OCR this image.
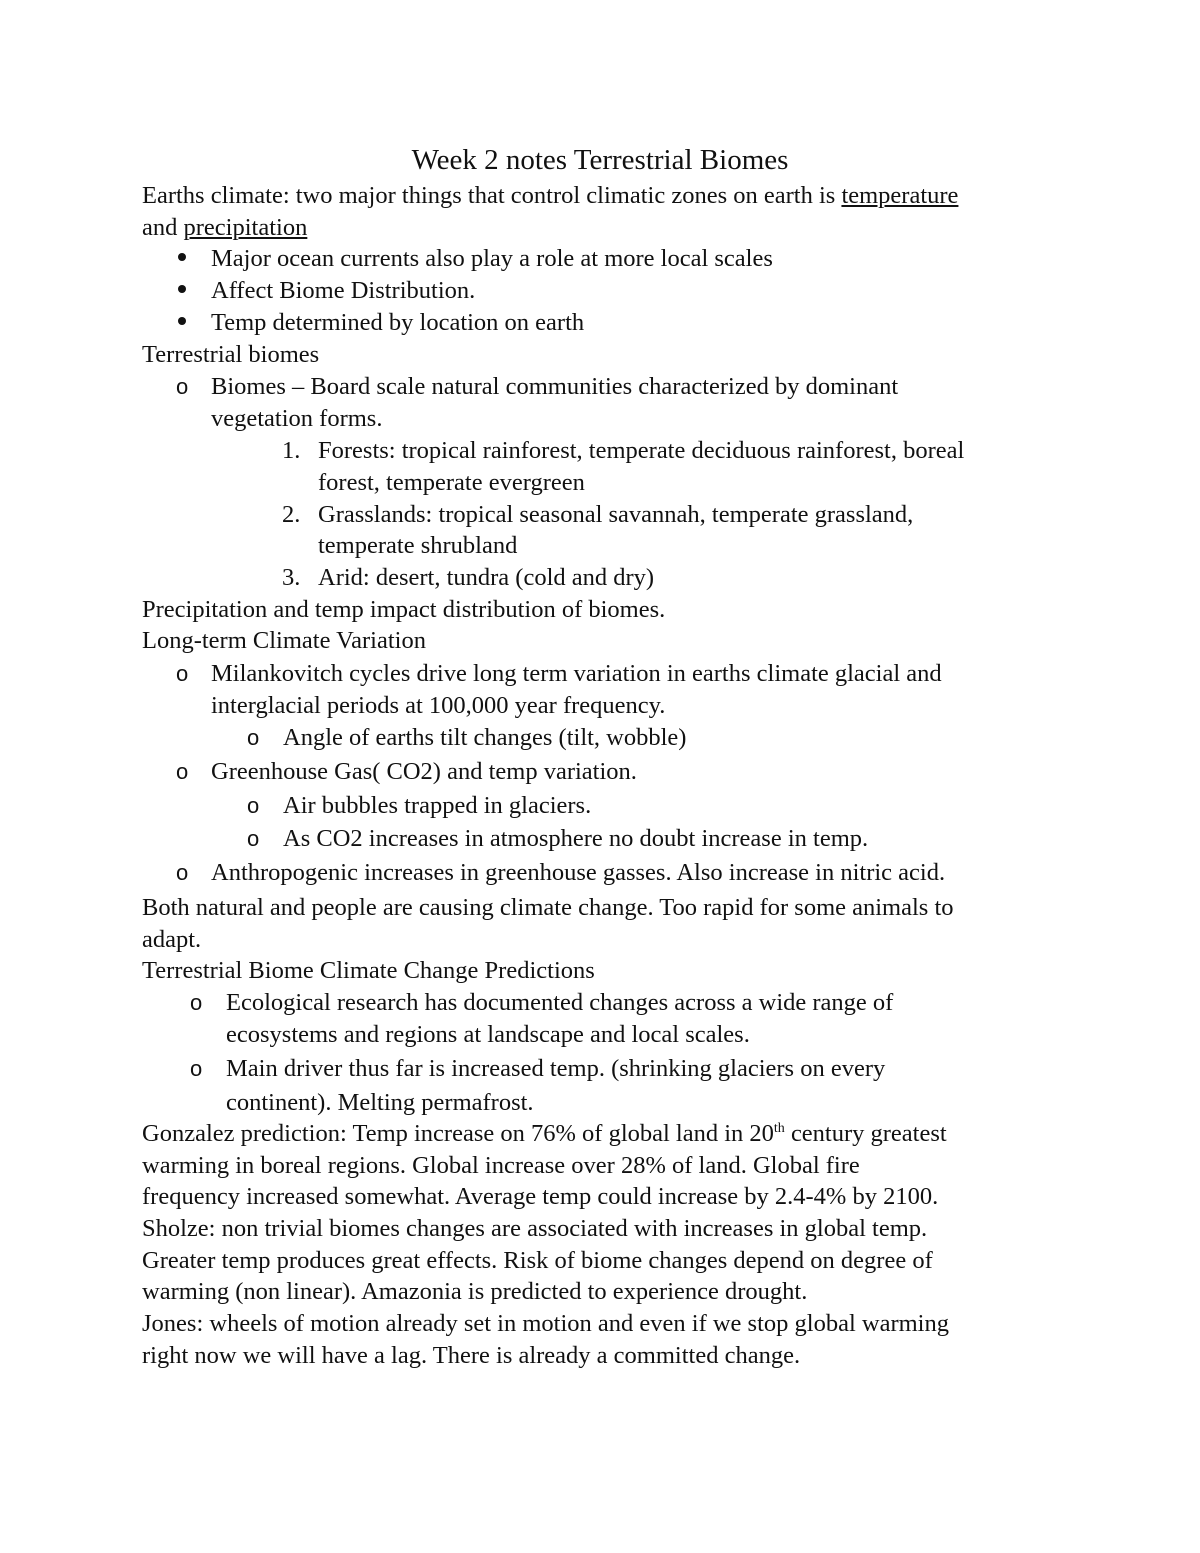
Week 2 notes Terrestrial Biomes
Earths climate: two major things that control climatic zones on earth is temperature
and precipitation
Major ocean currents also play a role at more local scales
Affect Biome Distribution.
Temp determined by location on earth
Terrestrial biomes
o Biomes – Board scale natural communities characterized by dominant
vegetation forms.
1. Forests: tropical rainforest, temperate deciduous rainforest, boreal
forest, temperate evergreen
2. Grasslands: tropical seasonal savannah, temperate grassland,
temperate shrubland
3. Arid: desert, tundra (cold and dry)
Precipitation and temp impact distribution of biomes.
Long-term Climate Variation
o Milankovitch cycles drive long term variation in earths climate glacial and
interglacial periods at 100,000 year frequency.
o Angle of earths tilt changes (tilt, wobble)
o Greenhouse Gas( CO2) and temp variation.
o Air bubbles trapped in glaciers.
o As CO2 increases in atmosphere no doubt increase in temp.
o Anthropogenic increases in greenhouse gasses. Also increase in nitric acid.
Both natural and people are causing climate change. Too rapid for some animals to
adapt.
Terrestrial Biome Climate Change Predictions
o Ecological research has documented changes across a wide range of
ecosystems and regions at landscape and local scales.
o Main driver thus far is increased temp. (shrinking glaciers on every
continent). Melting permafrost.
Gonzalez prediction: Temp increase on 76% of global land in 20th century greatest
warming in boreal regions. Global increase over 28% of land. Global fire
frequency increased somewhat. Average temp could increase by 2.4-4% by 2100.
Sholze: non trivial biomes changes are associated with increases in global temp.
Greater temp produces great effects. Risk of biome changes depend on degree of
warming (non linear). Amazonia is predicted to experience drought.
Jones: wheels of motion already set in motion and even if we stop global warming
right now we will have a lag. There is already a committed change.
